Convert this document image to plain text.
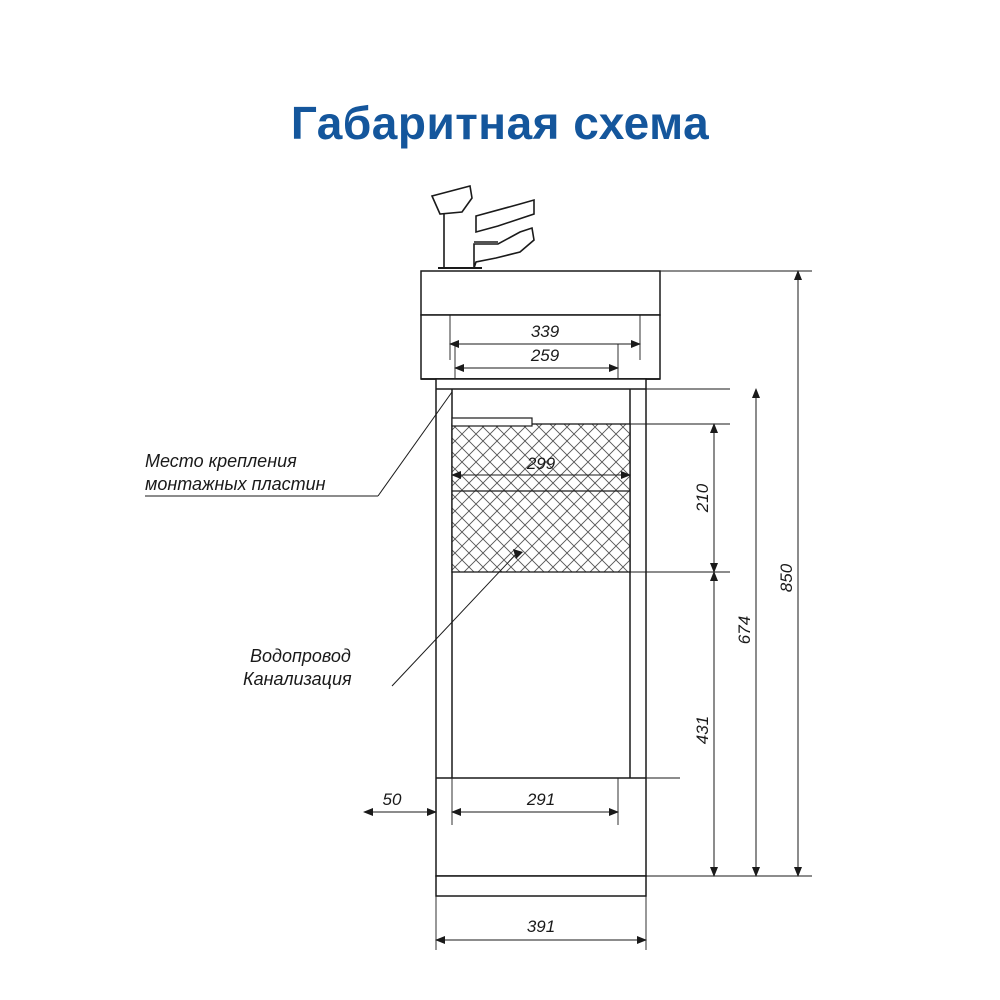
Габаритная схема
339
259
299
291
50
391
210
674
431
850
Место крепления
монтажных пластин
Водопровод
Канализация
